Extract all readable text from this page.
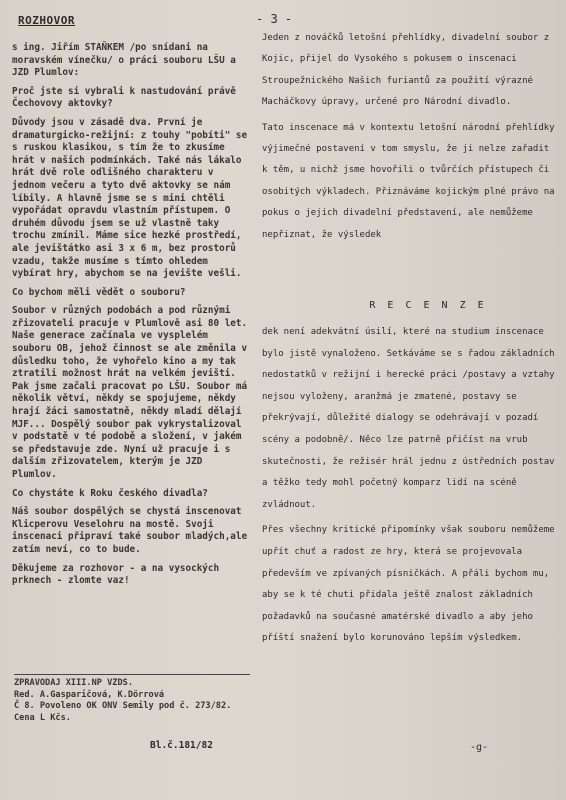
ROZHOVOR	- 3 -

s ing. Jiřím STAŇKEM /po snídani na moravském vínečku/ o práci souboru LŠU a JZD Plumlov:

Proč jste si vybrali k nastudování právě Čechovovy aktovky?

Důvody jsou v zásadě dva. První je dramaturgicko-režijní: z touhy "pobíti" se s ruskou klasikou, s tím že to zkusíme hrát v našich podmínkách. Také nás lákalo hrát dvě role odlišného charakteru v jednom večeru a tyto dvě aktovky se nám líbily. A hlavně jsme se s mini chtěli vypořádat opravdu vlastním přístupem. O druhém důvodu jsem se už vlastně taky trochu zmínil. Máme sice hezké prostředí, ale jevištátko asi 3 x 6 m, bez prostorů vzadu, takže musíme s tímto ohledem vybírat hry, abychom se na jevište vešli.

Co bychom měli vědět o souboru?

Soubor v různých podobách a pod různými zřizovateli pracuje v Plumlově asi 80 let. Naše generace začínala ve vysplelém souboru OB, jehož činnost se ale změnila v důsledku toho, že vyhořelo kino a my tak ztratili možnost hrát na velkém jevišti. Pak jsme začali pracovat po LŠU. Soubor má několik větví, někdy se spojujeme, někdy hrají žáci samostatně, někdy mladí dělají MJF... Dospělý soubor pak vykrystalizoval v podstatě v té podobě a složení, v jakém se představuje zde. Nyní už pracuje i s dalším zřizovatelem, kterým je JZD Plumlov.

Co chystáte k Roku českého divadla?

Náš soubor dospělých se chystá inscenovat Klicperovu Veselohru na mostě. Svoji inscenaci připraví také soubor mladých,ale zatím neví, co to bude.

Děkujeme za rozhovor - a na vysockých prknech - zlomte vaz!

ZPRAVODAJ XIII.NP VZDS.
Red. A.Gasparičová, K.Dörrová
Č 8. Povoleno OK ONV Semily pod č. 273/82. Cena L Kčs.
Bl.č.181/82

Jeden z nováčků letošní přehlídky, divadelní soubor z Kojic, přijel do Vysokého s pokusem o inscenaci Stroupežnického Našich furiantů za použití výrazné Macháčkovy úpravy, určené pro Národní divadlo.

Tato inscenace má v kontextu letošní národní přehlídky výjimečné postavení v tom smyslu, že ji nelze zařadit k těm, u nichž jsme hovořili o tvůrčích přístupech či osobitých výkladech. Přiznáváme kojickým plné právo na pokus o jejich divadelní představení, ale nemůžeme nepřiznat, že výsledek

R E C E N Z E

dek není adekvátní úsilí, které na studium inscenace bylo jistě vynaloženo. Setkáváme se s řadou základních nedostatků v režijní i herecké práci /postavy a vztahy nejsou vyloženy, aranžmá je zmatené, postavy se překrývají, důležité dialogy se odehrávají v pozadí scény a podobně/. Něco lze patrně přičíst na vrub skutečnosti, že režisér hrál jednu z ústředních postav a těžko tedy mohl početný komparz lidí na scéně zvládnout.

Přes všechny kritické připomínky však souboru nemůžeme upřít chuť a radost ze hry, která se projevovala především ve zpívaných písničkách. A přáli bychom mu, aby se k té chuti přidala ještě znalost základních požadavků na současné amatérské divadlo a aby jeho příští snažení bylo korunováno lepším výsledkem.

-g-
